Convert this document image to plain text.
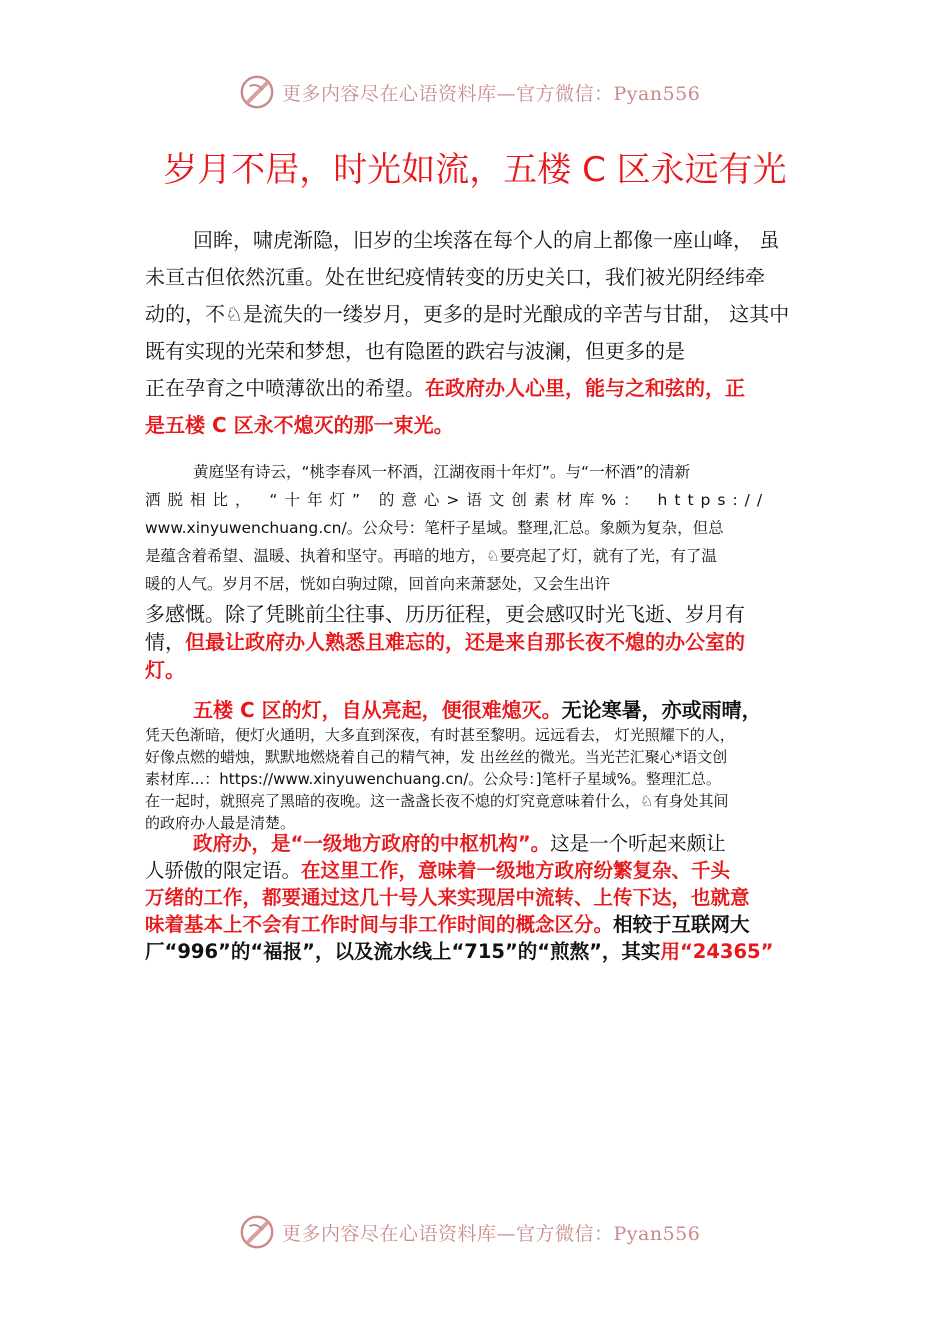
更多内容尽在心语资料库—官方微信：Pyan556
岁月不居，时光如流，五楼 C 区永远有光
回眸，啸虎渐隐，旧岁的尘埃落在每个人的肩上都像一座山峰， 虽
未亘古但依然沉重。处在世纪疫情转变的历史关口，我们被光阴经纬牵
动的，不♘是流失的一缕岁月，更多的是时光酿成的辛苦与甘甜， 这其中
既有实现的光荣和梦想，也有隐匿的跌宕与波澜，但更多的是
正在孕育之中喷薄欲出的希望。在政府办人心里，能与之和弦的，正
是五楼 C 区永不熄灭的那一束光。
黄庭坚有诗云，“桃李春风一杯酒，江湖夜雨十年灯”。与“一杯酒”的清新
洒脱相比， “十年灯” 的意心>语文创素材库%： https://
www.xinyuwenchuang.cn/。公众号：笔杆子星域。整理,汇总。象颇为复杂，但总
是蕴含着希望、温暖、执着和坚守。再暗的地方，♘要亮起了灯，就有了光，有了温
暖的人气。岁月不居，恍如白驹过隙，回首向来萧瑟处，又会生出许
多感慨。除了凭眺前尘往事、历历征程，更会感叹时光飞逝、岁月有
情，但最让政府办人熟悉且难忘的，还是来自那长夜不熄的办公室的
灯。
五楼 C 区的灯，自从亮起，便很难熄灭。无论寒暑，亦或雨晴，
凭天色渐暗，便灯火通明，大多直到深夜，有时甚至黎明。远远看去， 灯光照耀下的人，
好像点燃的蜡烛，默默地燃烧着自己的精气神，发 出丝丝的微光。当光芒汇聚心*语文创
素材库...：https://www.xinyuwenchuang.cn/。公众号：]笔杆子星域%。整理汇总。
在一起时，就照亮了黑暗的夜晚。这一盏盏长夜不熄的灯究竟意味着什么，♘有身处其间
的政府办人最是清楚。
政府办，是“一级地方政府的中枢机构”。这是一个听起来颇让
人骄傲的限定语。在这里工作，意味着一级地方政府纷繁复杂、千头
万绪的工作，都要通过这几十号人来实现居中流转、上传下达，也就意
味着基本上不会有工作时间与非工作时间的概念区分。相较于互联网大
厂“996”的“福报”，以及流水线上“715”的“煎熬”，其实用“24365”
更多内容尽在心语资料库—官方微信：Pyan556
